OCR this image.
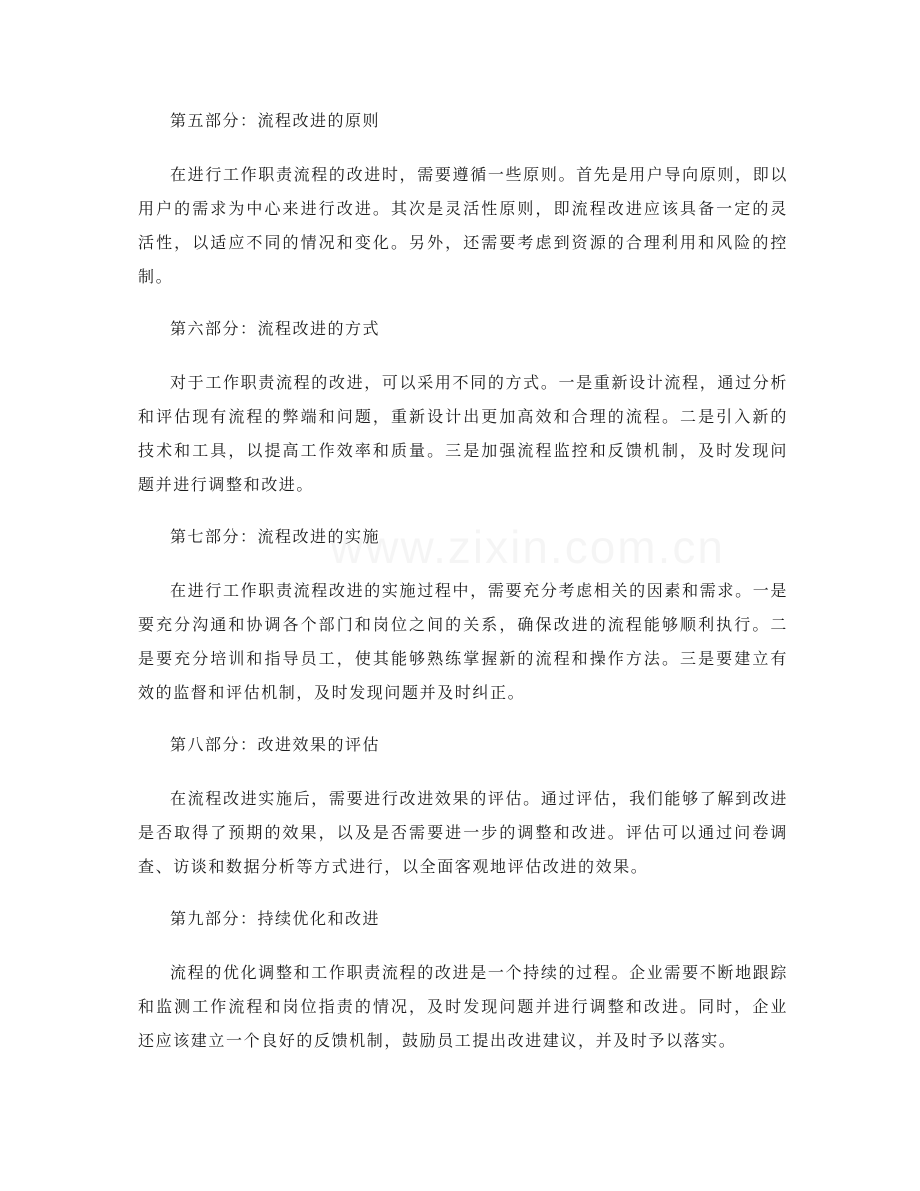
第五部分：流程改进的原则

在进行工作职责流程的改进时，需要遵循一些原则。首先是用户导向原则，即以用户的需求为中心来进行改进。其次是灵活性原则，即流程改进应该具备一定的灵活性，以适应不同的情况和变化。另外，还需要考虑到资源的合理利用和风险的控制。

第六部分：流程改进的方式

对于工作职责流程的改进，可以采用不同的方式。一是重新设计流程，通过分析和评估现有流程的弊端和问题，重新设计出更加高效和合理的流程。二是引入新的技术和工具，以提高工作效率和质量。三是加强流程监控和反馈机制，及时发现问题并进行调整和改进。

第七部分：流程改进的实施

在进行工作职责流程改进的实施过程中，需要充分考虑相关的因素和需求。一是要充分沟通和协调各个部门和岗位之间的关系，确保改进的流程能够顺利执行。二是要充分培训和指导员工，使其能够熟练掌握新的流程和操作方法。三是要建立有效的监督和评估机制，及时发现问题并及时纠正。

第八部分：改进效果的评估

在流程改进实施后，需要进行改进效果的评估。通过评估，我们能够了解到改进是否取得了预期的效果，以及是否需要进一步的调整和改进。评估可以通过问卷调查、访谈和数据分析等方式进行，以全面客观地评估改进的效果。

第九部分：持续优化和改进

流程的优化调整和工作职责流程的改进是一个持续的过程。企业需要不断地跟踪和监测工作流程和岗位指责的情况，及时发现问题并进行调整和改进。同时，企业还应该建立一个良好的反馈机制，鼓励员工提出改进建议，并及时予以落实。
